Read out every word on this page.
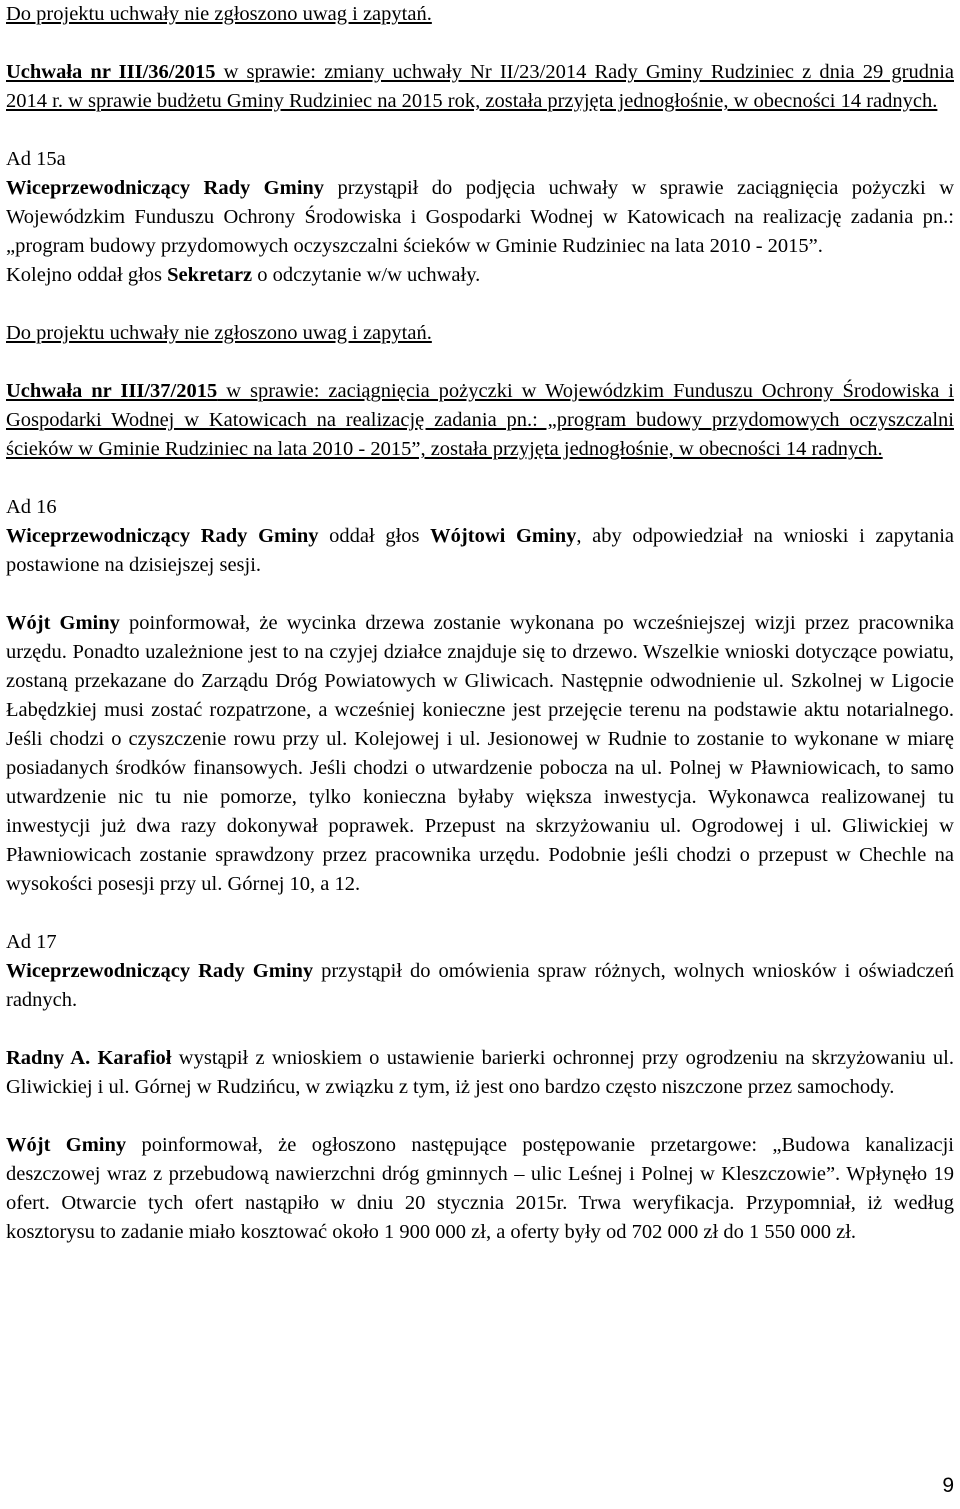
Do projektu uchwały nie zgłoszono uwag i zapytań.

Uchwała nr III/36/2015 w sprawie: zmiany uchwały Nr II/23/2014 Rady Gminy Rudziniec z dnia 29 grudnia 2014 r. w sprawie budżetu Gminy Rudziniec na 2015 rok, została przyjęta jednogłośnie, w obecności 14 radnych.

Ad 15a

Wiceprzewodniczący Rady Gminy przystąpił do podjęcia uchwały w sprawie zaciągnięcia pożyczki w Wojewódzkim Funduszu Ochrony Środowiska i Gospodarki Wodnej w Katowicach na realizację zadania pn.: „program budowy przydomowych oczyszczalni ścieków w Gminie Rudziniec na lata 2010 - 2015”.

Kolejno oddał głos Sekretarz o odczytanie w/w uchwały.

Do projektu uchwały nie zgłoszono uwag i zapytań.

Uchwała nr III/37/2015 w sprawie: zaciągnięcia pożyczki w Wojewódzkim Funduszu Ochrony Środowiska i Gospodarki Wodnej w Katowicach na realizację zadania pn.: „program budowy przydomowych oczyszczalni ścieków w Gminie Rudziniec na lata 2010 - 2015”, została przyjęta jednogłośnie, w obecności 14 radnych.

Ad 16

Wiceprzewodniczący Rady Gminy oddał głos Wójtowi Gminy, aby odpowiedział na wnioski i zapytania postawione na dzisiejszej sesji.

Wójt Gminy poinformował, że wycinka drzewa zostanie wykonana po wcześniejszej wizji przez pracownika urzędu. Ponadto uzależnione jest to na czyjej działce znajduje się to drzewo. Wszelkie wnioski dotyczące powiatu, zostaną przekazane do Zarządu Dróg Powiatowych w Gliwicach. Następnie odwodnienie ul. Szkolnej w Ligocie Łabędzkiej musi zostać rozpatrzone, a wcześniej konieczne jest przejęcie terenu na podstawie aktu notarialnego. Jeśli chodzi o czyszczenie rowu przy ul. Kolejowej i ul. Jesionowej w Rudnie to zostanie to wykonane w miarę posiadanych środków finansowych. Jeśli chodzi o utwardzenie pobocza na ul. Polnej w Pławniowicach, to samo utwardzenie nic tu nie pomorze, tylko konieczna byłaby większa inwestycja. Wykonawca realizowanej tu inwestycji już dwa razy dokonywał poprawek. Przepust na skrzyżowaniu ul. Ogrodowej i ul. Gliwickiej w Pławniowicach zostanie sprawdzony przez pracownika urzędu. Podobnie jeśli chodzi o przepust w Chechle na wysokości posesji przy ul. Górnej 10, a 12.

Ad 17

Wiceprzewodniczący Rady Gminy przystąpił do omówienia spraw różnych, wolnych wniosków i oświadczeń radnych.

Radny A. Karafioł wystąpił z wnioskiem o ustawienie barierki ochronnej przy ogrodzeniu na skrzyżowaniu ul. Gliwickiej i ul. Górnej w Rudzińcu, w związku z tym, iż jest ono bardzo często niszczone przez samochody.

Wójt Gminy poinformował, że ogłoszono następujące postępowanie przetargowe: „Budowa kanalizacji deszczowej wraz z przebudową nawierzchni dróg gminnych – ulic Leśnej i Polnej w Kleszczowie”. Wpłynęło 19 ofert. Otwarcie tych ofert nastąpiło w dniu 20 stycznia 2015r. Trwa weryfikacja. Przypomniał, iż według kosztorysu to zadanie miało kosztować około 1 900 000 zł, a oferty były od 702 000 zł do 1 550 000 zł.

9
